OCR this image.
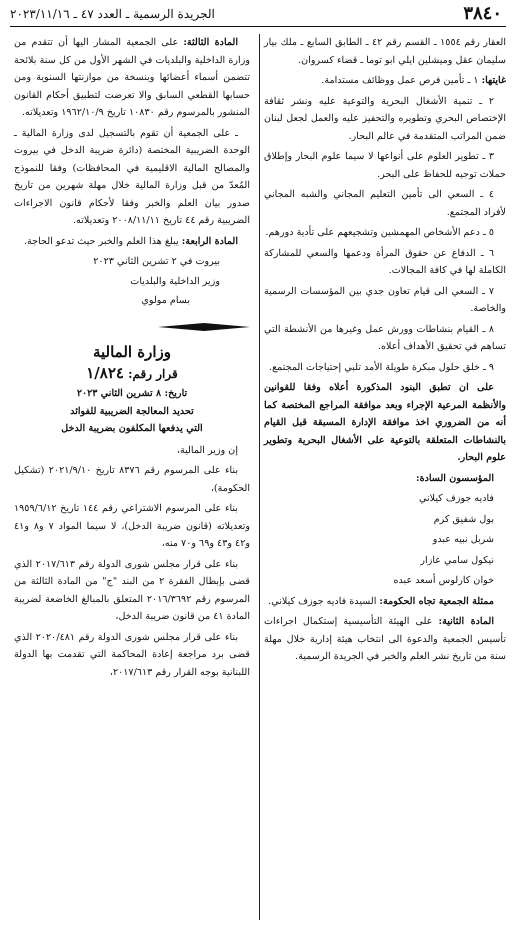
٣٨٤٠
الجريدة الرسمية ـ العدد ٤٧ ـ ٢٠٢٣/١١/١٦

العقار رقم ١٥٥٤ ـ القسم رقم ٤٢ ـ الطابق السابع ـ ملك بيار سليمان عقل وميشلين ايلي ابو توما ـ قضاء كسروان.

غايتها: ١ ـ تأمين فرص عمل ووظائف مستدامة.

٢ ـ تنمية الأشغال البحرية والتوعية عليه ونشر ثقافة الإختصاص البحري وتطويره والتحفيز عليه والعمل لجعل لبنان ضمن المراتب المتقدمة في عالم البحار.

٣ ـ تطوير العلوم على أنواعها لا سيما علوم البحار وإطلاق حملات توجيه للحفاظ على البحر.

٤ ـ السعي الى تأمين التعليم المجاني والشبه المجاني لأفراد المجتمع.

٥ ـ دعم الأشخاص المهمشين وتشجيعهم على تأدية دورهم.

٦ ـ الدفاع عن حقوق المرأة ودعمها والسعي للمشاركة الكاملة لها في كافة المجالات.

٧ ـ السعي الى قيام تعاون جدي بين المؤسسات الرسمية والخاصة.

٨ ـ القيام بنشاطات وورش عمل وغيرها من الأنشطة التي تساهم في تحقيق الأهداف أعلاه.

٩ ـ خلق حلول مبكرة طويلة الأمد تلبي إحتياجات المجتمع.

على ان تطبق البنود المذكورة أعلاه وفقا للقوانين والأنظمة المرعية الإجراء وبعد موافقة المراجع المختصة كما أنه من الضروري اخذ موافقة الإدارة المسبقة قبل القيام بالنشاطات المتعلقة بالتوعية على الأشغال البحرية وتطوير علوم البحار.

المؤسسون السادة:

فاديه جوزف كيلاني

بول شفيق كرم

شربل نبيه عبدو

نيكول سامي عازار

خوان كارلوس أسعد عبده

ممثلة الجمعية تجاه الحكومة: السيدة فاديه جوزف كيلاني.

المادة الثانية: على الهيئة التأسيسية إستكمال اجراءات تأسيس الجمعية والدعوة الى انتخاب هيئة إدارية خلال مهلة سنة من تاريخ نشر العلم والخبر في الجريدة الرسمية.

المادة الثالثة: على الجمعية المشار اليها أن تتقدم من وزارة الداخلية والبلديات في الشهر الأول من كل سنة بلائحة تتضمن أسماء أعضائها وبنسخة من موازنتها السنوية ومن حسابها القطعي السابق والا تعرضت لتطبيق أحكام القانون المنشور بالمرسوم رقم ١٠٨٣٠ تاريخ ١٩٦٢/١٠/٩ وتعديلاته.

ـ على الجمعية أن تقوم بالتسجيل لدى وزارة المالية ـ الوحدة الضريبية المختصة (دائرة ضريبة الدخل في بيروت والمصالح المالية الاقليمية في المحافظات) وفقا للنموذج المُعدّ من قبل وزارة المالية خلال مهلة شهرين من تاريخ صدور بيان العلم والخبر وفقا لأحكام قانون الاجراءات الضريبية رقم ٤٤ تاريخ ٢٠٠٨/١١/١١ وتعديلاته.

المادة الرابعة: يبلغ هذا العلم والخبر حيث تدعو الحاجة.

بيروت في ٢ تشرين الثاني ٢٠٢٣

وزير الداخلية والبلديات

بسام مولوي

وزارة المالية

قرار رقم: ١/٨٢٤

تاريخ: ٨ تشرين الثاني ٢٠٢٣

تحديد المعالجة الضريبية للفوائد

التي يدفعها المكلفون بضريبة الدخل

إن وزير المالية،

بناء على المرسوم رقم ٨٣٧٦ تاريخ ٢٠٢١/٩/١٠ (تشكيل الحكومة)،

بناء على المرسوم الاشتراعي رقم ١٤٤ تاريخ ١٩٥٩/٦/١٢ وتعديلاته (قانون ضريبة الدخل)، لا سيما المواد ٧ و٨ و٤١ و٤٢ و٤٣ و٦٩ و٧٠ منه،

بناء على قرار مجلس شورى الدولة رقم ٢٠١٧/٦١٣ الذي قضى بإبطال الفقرة ٢ من البند "ج" من المادة الثالثة من المرسوم رقم ٢٠١٦/٣٦٩٢ المتعلق بالمبالغ الخاضعة لضريبة المادة ٤١ من قانون ضريبة الدخل،

بناء على قرار مجلس شورى الدولة رقم ٢٠٢٠/٤٨١ الذي قضى برد مراجعة إعادة المحاكمة التي تقدمت بها الدولة اللبنانية بوجه القرار رقم ٢٠١٧/٦١٣،
